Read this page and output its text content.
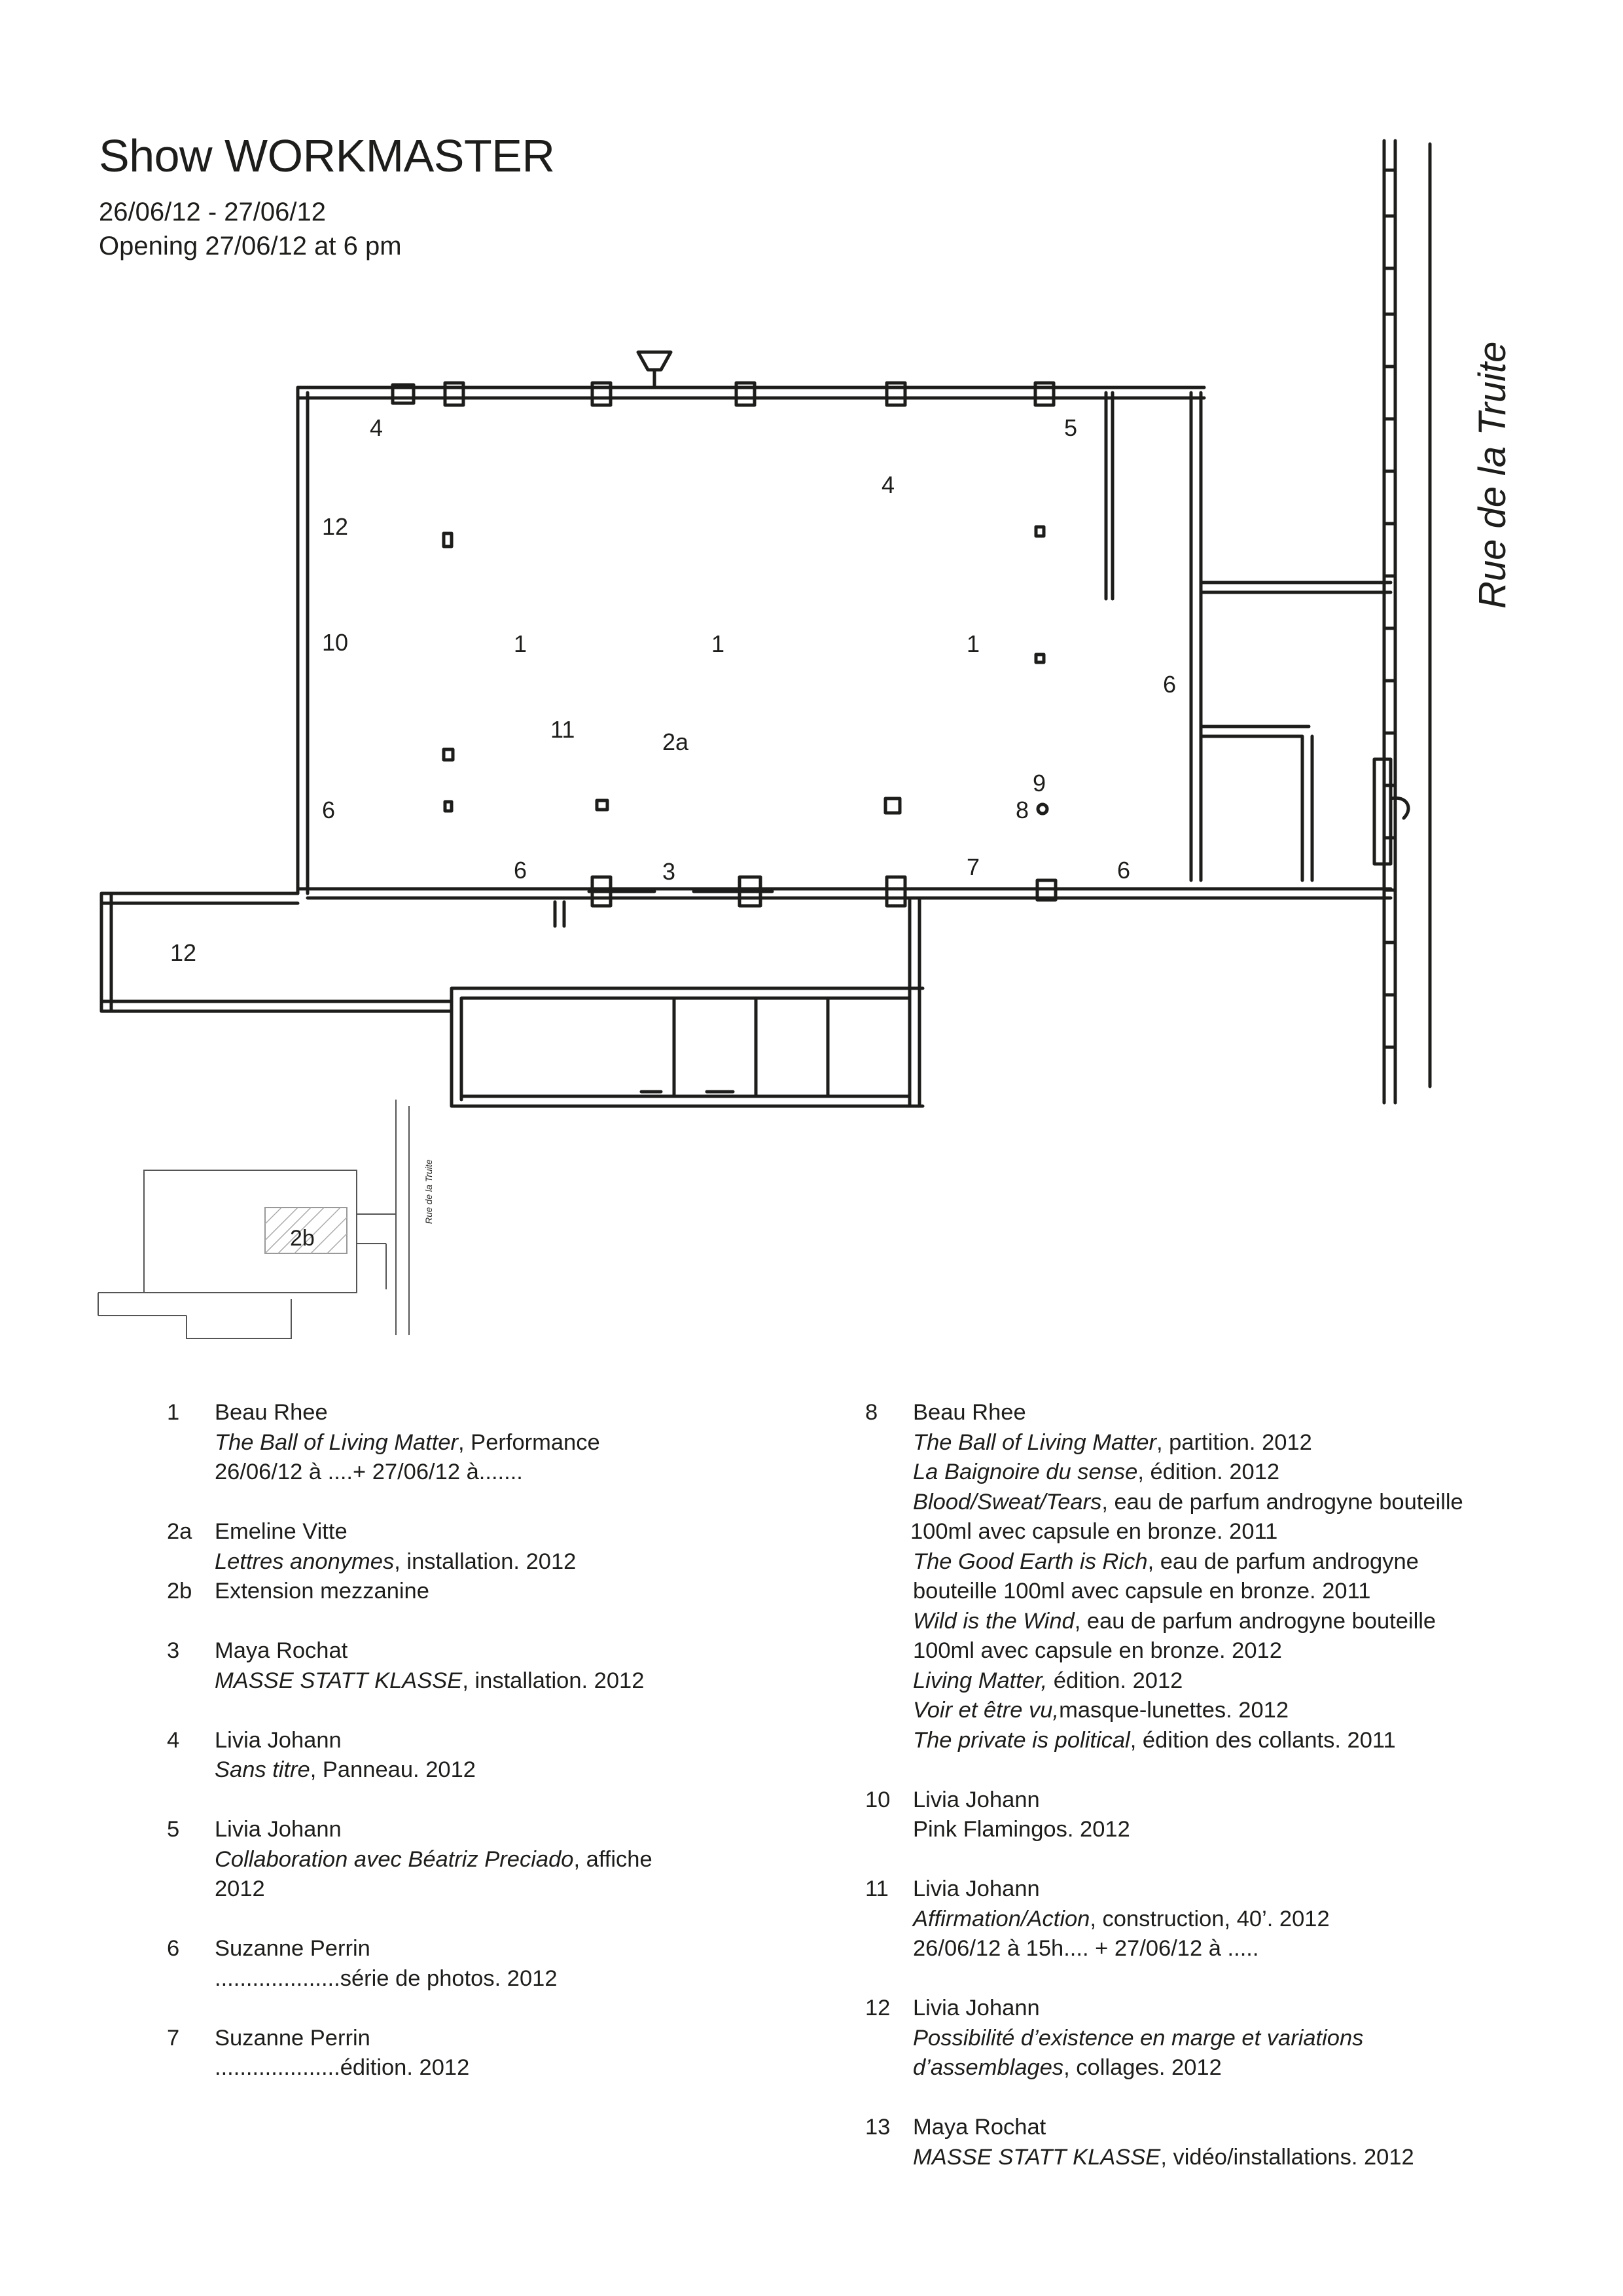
Show WORKMASTER
26/06/12 - 27/06/12
Opening 27/06/12 at 6 pm
4	5
4
12
10	1	1	1
6
11	2a
9
6	8
6	3	7	6
12
Rue de la Truite
2b
Rue de la Truite
1 Beau Rhee
The Ball of Living Matter, Performance
26/06/12 à ....+ 27/06/12 à.......
2a Emeline Vitte
Lettres anonymes, installation. 2012
2b Extension mezzanine
3 Maya Rochat
MASSE STATT KLASSE, installation. 2012
4 Livia Johann
Sans titre, Panneau. 2012
5 Livia Johann
Collaboration avec Béatriz Preciado, affiche
2012
6 Suzanne Perrin
....................série de photos. 2012
7 Suzanne Perrin
....................édition. 2012
8 Beau Rhee
The Ball of Living Matter, partition. 2012
La Baignoire du sense, édition. 2012
Blood/Sweat/Tears, eau de parfum androgyne bouteille
100ml avec capsule en bronze. 2011
The Good Earth is Rich, eau de parfum androgyne
bouteille 100ml avec capsule en bronze. 2011
Wild is the Wind, eau de parfum androgyne bouteille
100ml avec capsule en bronze. 2012
Living Matter, édition. 2012
Voir et être vu,masque-lunettes. 2012
The private is political, édition des collants. 2011
10 Livia Johann
Pink Flamingos. 2012
11 Livia Johann
Affirmation/Action, construction, 40’. 2012
26/06/12 à 15h.... + 27/06/12 à .....
12 Livia Johann
Possibilité d’existence en marge et variations
d’assemblages, collages. 2012
13 Maya Rochat
MASSE STATT KLASSE, vidéo/installations. 2012
